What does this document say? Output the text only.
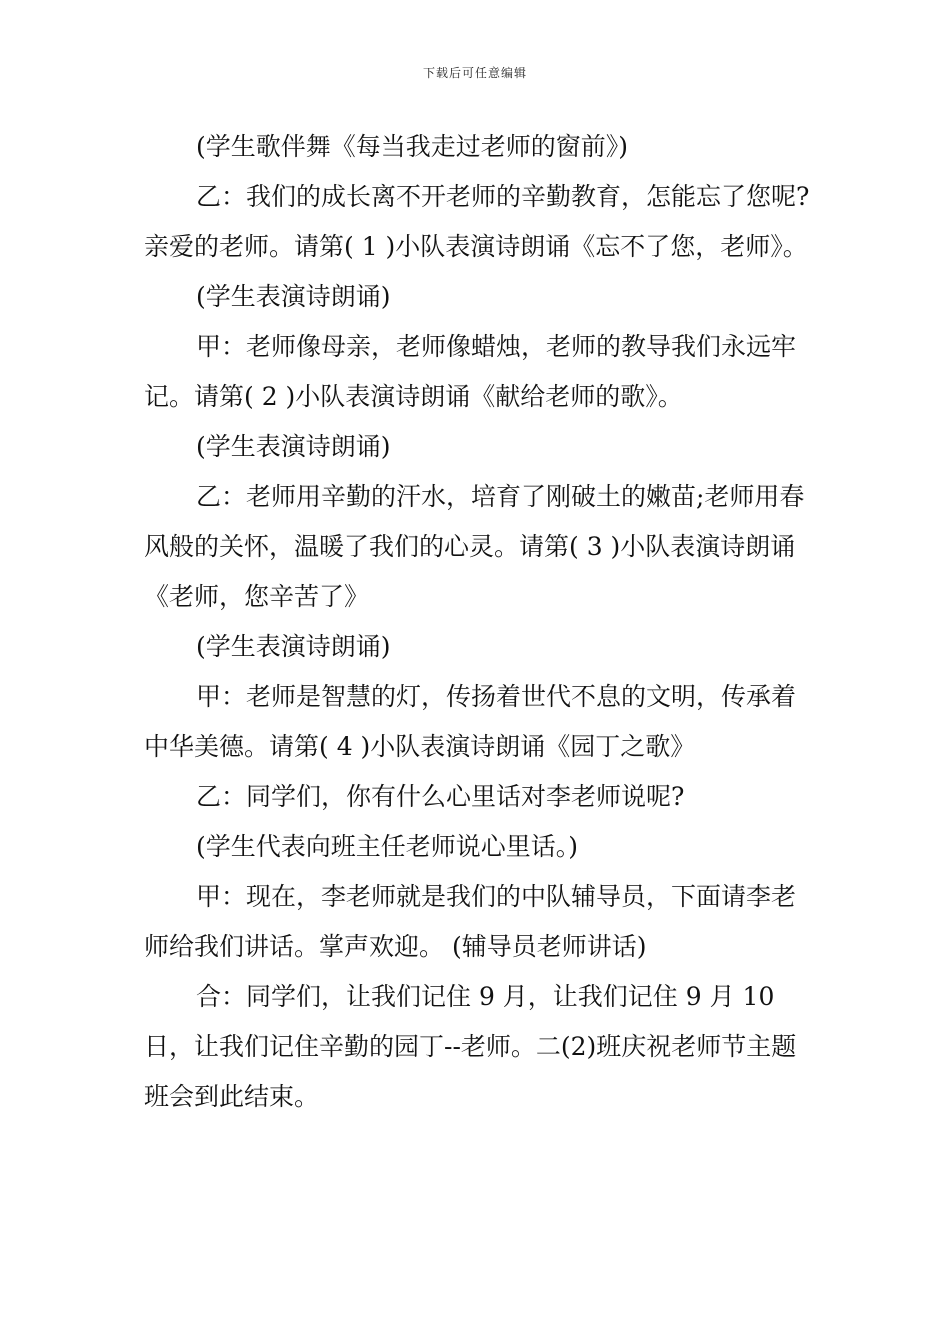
下载后可任意编辑

(学生歌伴舞《每当我走过老师的窗前》)

乙：我们的成长离不开老师的辛勤教育，怎能忘了您呢?亲爱的老师。请第( 1 )小队表演诗朗诵《忘不了您，老师》。

(学生表演诗朗诵)

甲：老师像母亲，老师像蜡烛，老师的教导我们永远牢记。请第( 2 )小队表演诗朗诵《献给老师的歌》。

(学生表演诗朗诵)

乙：老师用辛勤的汗水，培育了刚破土的嫩苗;老师用春风般的关怀，温暖了我们的心灵。请第( 3 )小队表演诗朗诵《老师，您辛苦了》

(学生表演诗朗诵)

甲：老师是智慧的灯，传扬着世代不息的文明，传承着中华美德。请第( 4 )小队表演诗朗诵《园丁之歌》

乙：同学们，你有什么心里话对李老师说呢?

(学生代表向班主任老师说心里话。)

甲：现在，李老师就是我们的中队辅导员，下面请李老师给我们讲话。掌声欢迎。 (辅导员老师讲话)

合：同学们，让我们记住 9 月，让我们记住 9 月 10 日，让我们记住辛勤的园丁--老师。二(2)班庆祝老师节主题班会到此结束。
